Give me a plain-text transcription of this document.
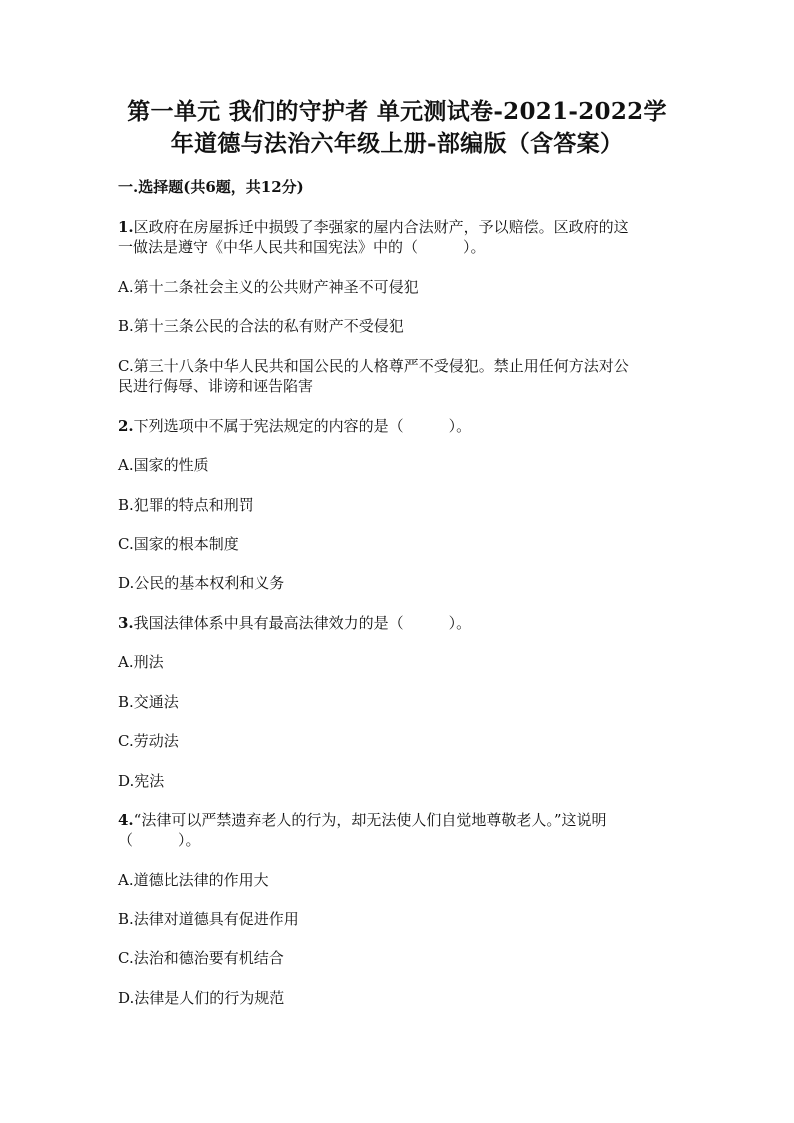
第一单元 我们的守护者 单元测试卷-2021-2022学
年道德与法治六年级上册-部编版（含答案）
一.选择题(共6题，共12分)
1.区政府在房屋拆迁中损毁了李强家的屋内合法财产，予以赔偿。区政府的这
一做法是遵守《中华人民共和国宪法》中的（　　　）。
A.第十二条社会主义的公共财产神圣不可侵犯
B.第十三条公民的合法的私有财产不受侵犯
C.第三十八条中华人民共和国公民的人格尊严不受侵犯。禁止用任何方法对公
民进行侮辱、诽谤和诬告陷害
2.下列选项中不属于宪法规定的内容的是（　　　）。
A.国家的性质
B.犯罪的特点和刑罚
C.国家的根本制度
D.公民的基本权利和义务
3.我国法律体系中具有最高法律效力的是（　　　）。
A.刑法
B.交通法
C.劳动法
D.宪法
4.“法律可以严禁遗弃老人的行为，却无法使人们自觉地尊敬老人。”这说明
（　　　）。
A.道德比法律的作用大
B.法律对道德具有促进作用
C.法治和德治要有机结合
D.法律是人们的行为规范
